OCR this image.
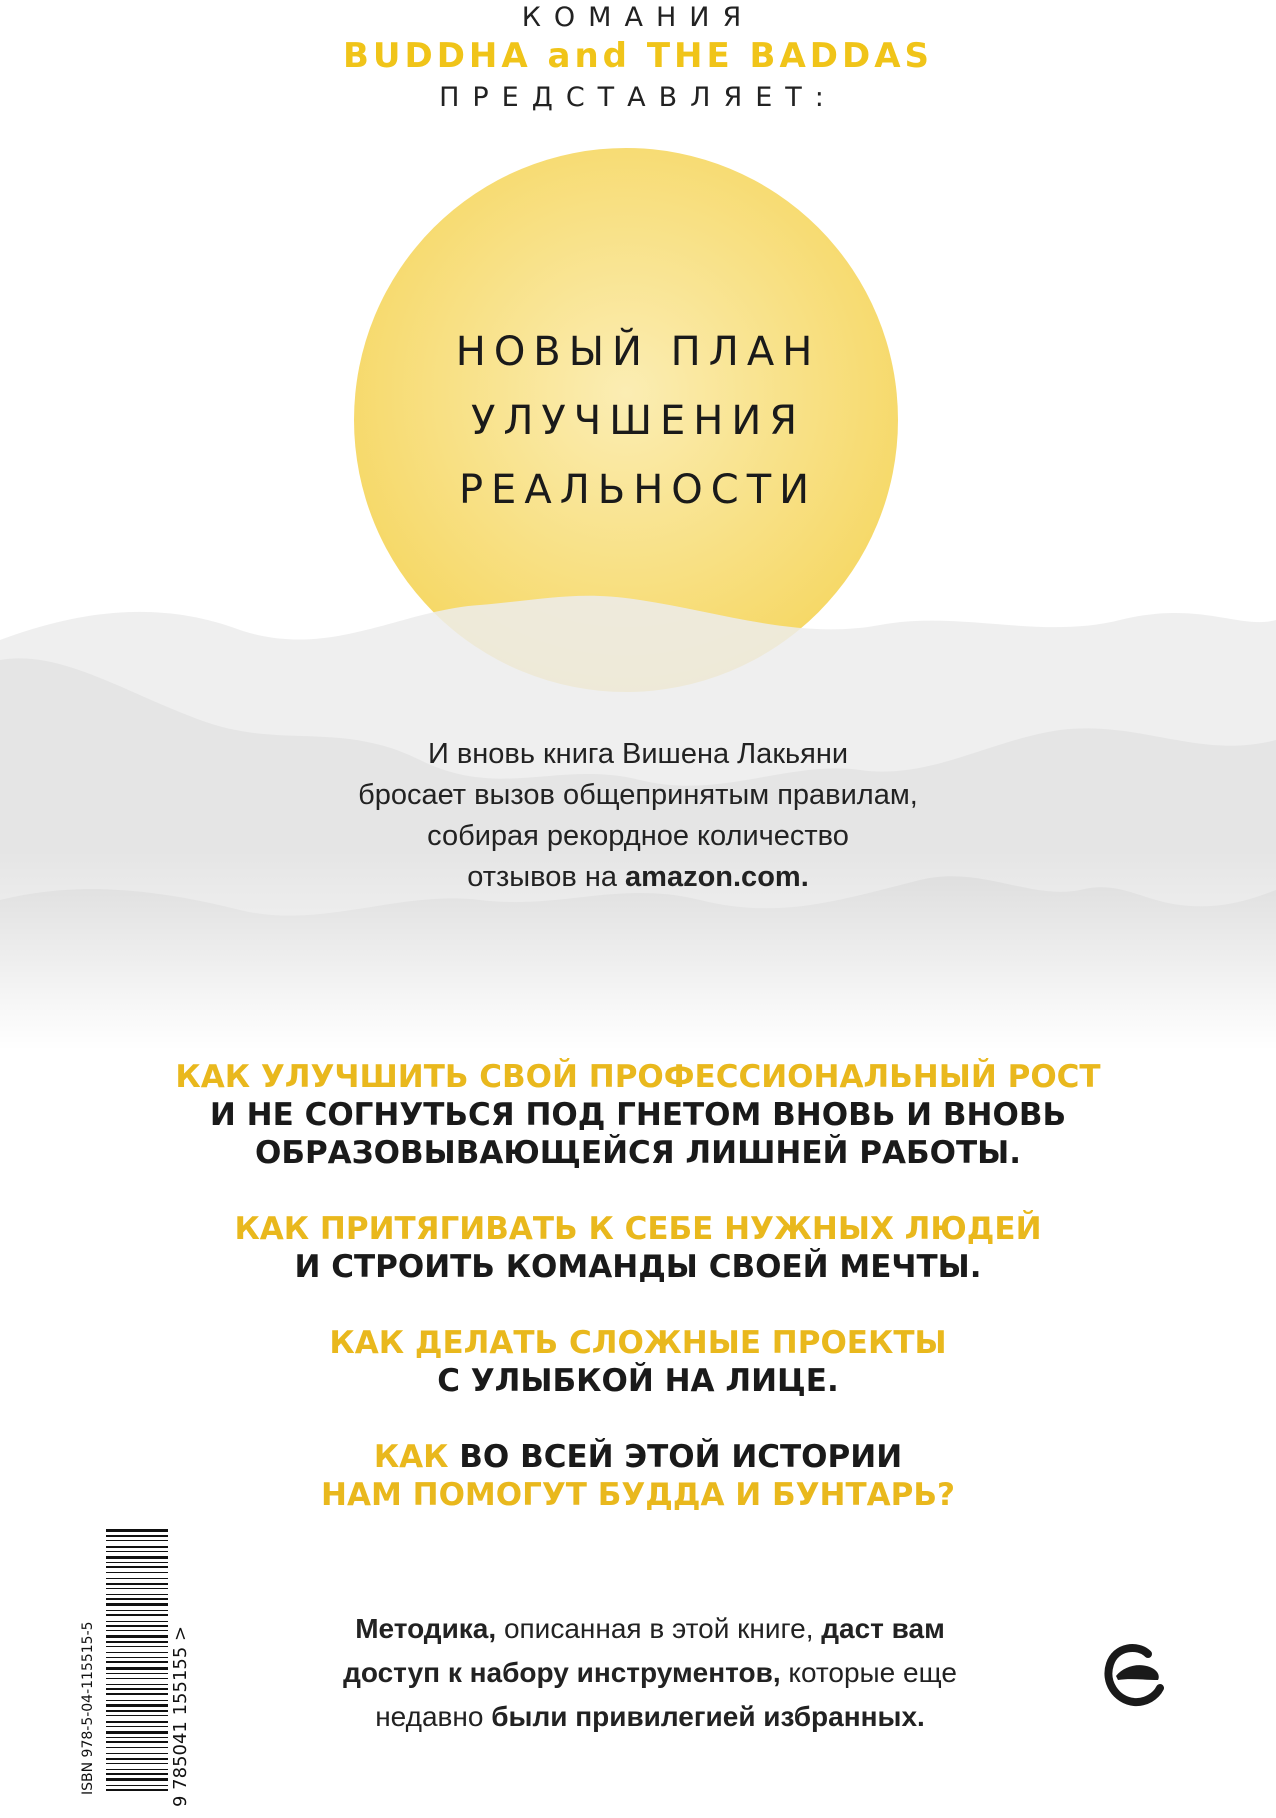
КОМАНИЯ
BUDDHA and THE BADDAS
ПРЕДСТАВЛЯЕТ:
НОВЫЙ ПЛАН
УЛУЧШЕНИЯ
РЕАЛЬНОСТИ
И вновь книга Вишена Лакьяни
бросает вызов общепринятым правилам,
собирая рекордное количество
отзывов на amazon.com.
КАК УЛУЧШИТЬ СВОЙ ПРОФЕССИОНАЛЬНЫЙ РОСТ
И НЕ СОГНУТЬСЯ ПОД ГНЕТОМ ВНОВЬ И ВНОВЬ
ОБРАЗОВЫВАЮЩЕЙСЯ ЛИШНЕЙ РАБОТЫ.
КАК ПРИТЯГИВАТЬ К СЕБЕ НУЖНЫХ ЛЮДЕЙ
И СТРОИТЬ КОМАНДЫ СВОЕЙ МЕЧТЫ.
КАК ДЕЛАТЬ СЛОЖНЫЕ ПРОЕКТЫ
С УЛЫБКОЙ НА ЛИЦЕ.
КАК ВО ВСЕЙ ЭТОЙ ИСТОРИИ
НАМ ПОМОГУТ БУДДА И БУНТАРЬ?
Методика, описанная в этой книге, даст вам
доступ к набору инструментов, которые еще
недавно были привилегией избранных.
ISBN 978-5-04-115515-5	9 785041 155155 >
